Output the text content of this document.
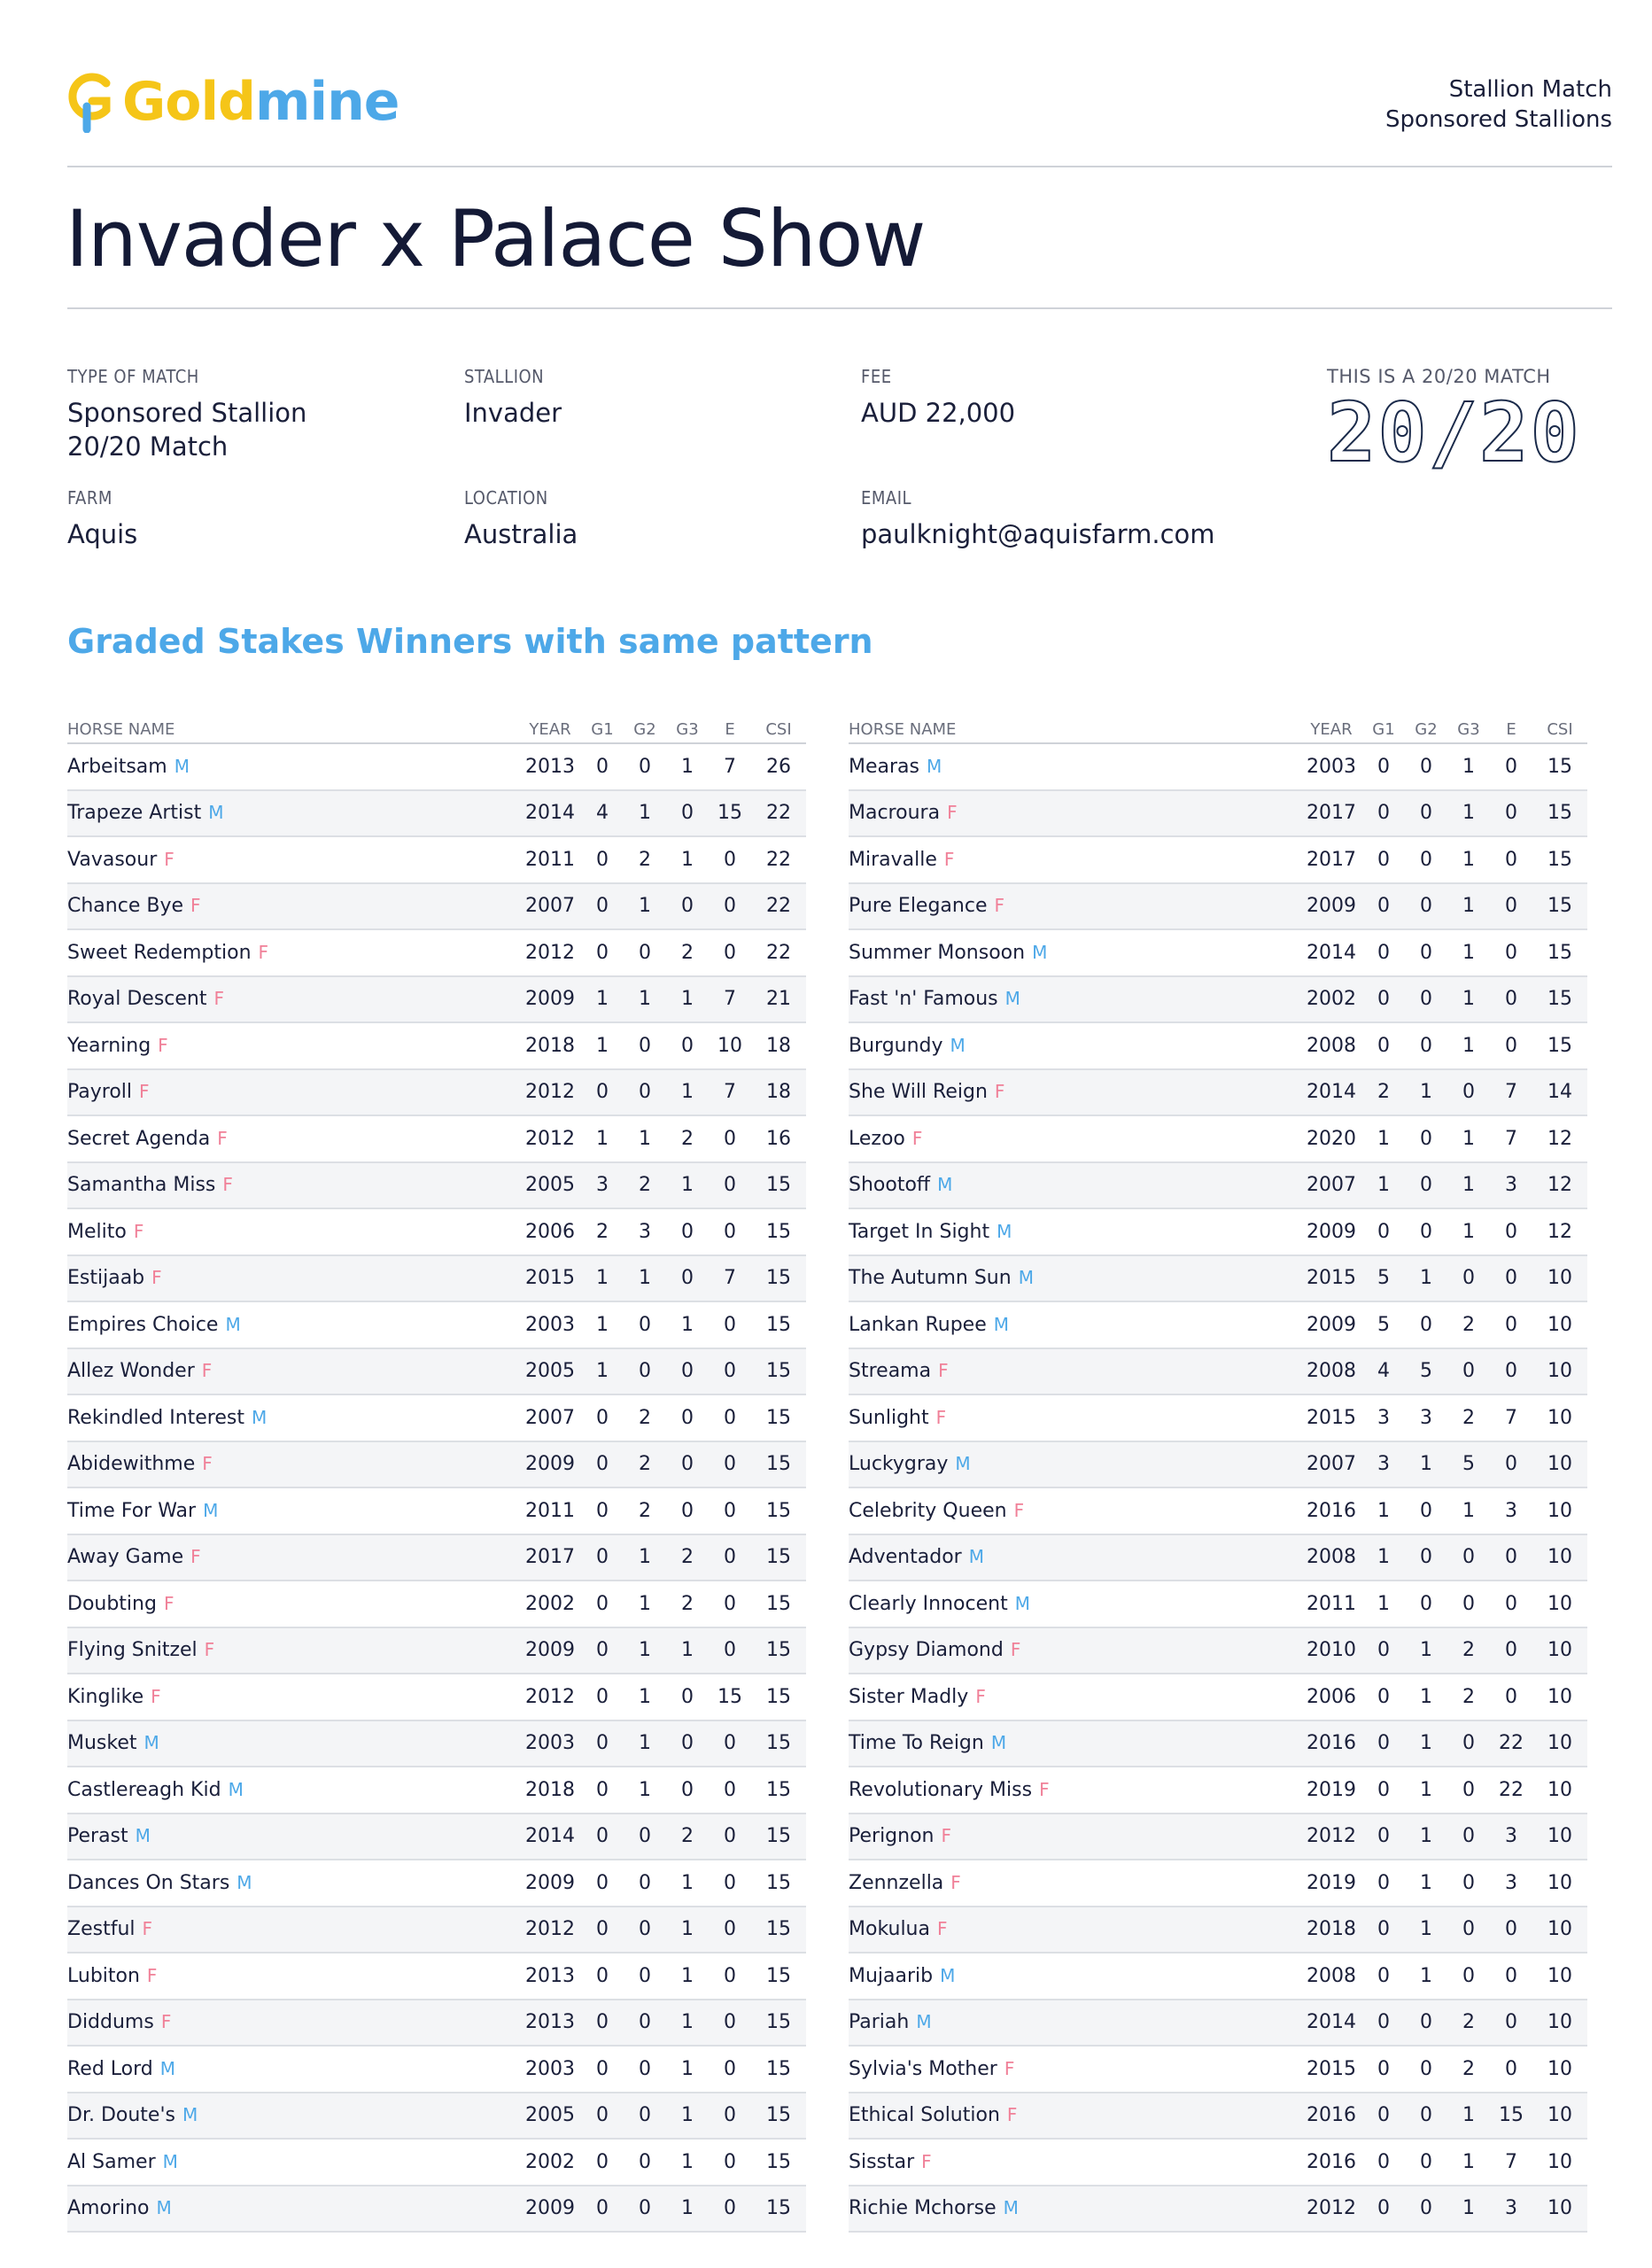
Goldmine	Stallion Match
Sponsored Stallions
Invader x Palace Show
TYPE OF MATCH
Sponsored Stallion
20/20 Match
STALLION
Invader
FEE
AUD 22,000
FARM
Aquis
LOCATION
Australia
EMAIL
paulknight@aquisfarm.com
THIS IS A 20/20 MATCH
20/20
Graded Stakes Winners with same pattern
HORSE NAME	YEAR	G1	G2	G3	E	CSI
Arbeitsam M	2013	0	0	1	7	26
Trapeze Artist M	2014	4	1	0	15	22
Vavasour F	2011	0	2	1	0	22
Chance Bye F	2007	0	1	0	0	22
Sweet Redemption F	2012	0	0	2	0	22
Royal Descent F	2009	1	1	1	7	21
Yearning F	2018	1	0	0	10	18
Payroll F	2012	0	0	1	7	18
Secret Agenda F	2012	1	1	2	0	16
Samantha Miss F	2005	3	2	1	0	15
Melito F	2006	2	3	0	0	15
Estijaab F	2015	1	1	0	7	15
Empires Choice M	2003	1	0	1	0	15
Allez Wonder F	2005	1	0	0	0	15
Rekindled Interest M	2007	0	2	0	0	15
Abidewithme F	2009	0	2	0	0	15
Time For War M	2011	0	2	0	0	15
Away Game F	2017	0	1	2	0	15
Doubting F	2002	0	1	2	0	15
Flying Snitzel F	2009	0	1	1	0	15
Kinglike F	2012	0	1	0	15	15
Musket M	2003	0	1	0	0	15
Castlereagh Kid M	2018	0	1	0	0	15
Perast M	2014	0	0	2	0	15
Dances On Stars M	2009	0	0	1	0	15
Zestful F	2012	0	0	1	0	15
Lubiton F	2013	0	0	1	0	15
Diddums F	2013	0	0	1	0	15
Red Lord M	2003	0	0	1	0	15
Dr. Doute's M	2005	0	0	1	0	15
Al Samer M	2002	0	0	1	0	15
Amorino M	2009	0	0	1	0	15
HORSE NAME	YEAR	G1	G2	G3	E	CSI
Mearas M	2003	0	0	1	0	15
Macroura F	2017	0	0	1	0	15
Miravalle F	2017	0	0	1	0	15
Pure Elegance F	2009	0	0	1	0	15
Summer Monsoon M	2014	0	0	1	0	15
Fast 'n' Famous M	2002	0	0	1	0	15
Burgundy M	2008	0	0	1	0	15
She Will Reign F	2014	2	1	0	7	14
Lezoo F	2020	1	0	1	7	12
Shootoff M	2007	1	0	1	3	12
Target In Sight M	2009	0	0	1	0	12
The Autumn Sun M	2015	5	1	0	0	10
Lankan Rupee M	2009	5	0	2	0	10
Streama F	2008	4	5	0	0	10
Sunlight F	2015	3	3	2	7	10
Luckygray M	2007	3	1	5	0	10
Celebrity Queen F	2016	1	0	1	3	10
Adventador M	2008	1	0	0	0	10
Clearly Innocent M	2011	1	0	0	0	10
Gypsy Diamond F	2010	0	1	2	0	10
Sister Madly F	2006	0	1	2	0	10
Time To Reign M	2016	0	1	0	22	10
Revolutionary Miss F	2019	0	1	0	22	10
Perignon F	2012	0	1	0	3	10
Zennzella F	2019	0	1	0	3	10
Mokulua F	2018	0	1	0	0	10
Mujaarib M	2008	0	1	0	0	10
Pariah M	2014	0	0	2	0	10
Sylvia's Mother F	2015	0	0	2	0	10
Ethical Solution F	2016	0	0	1	15	10
Sisstar F	2016	0	0	1	7	10
Richie Mchorse M	2012	0	0	1	3	10
